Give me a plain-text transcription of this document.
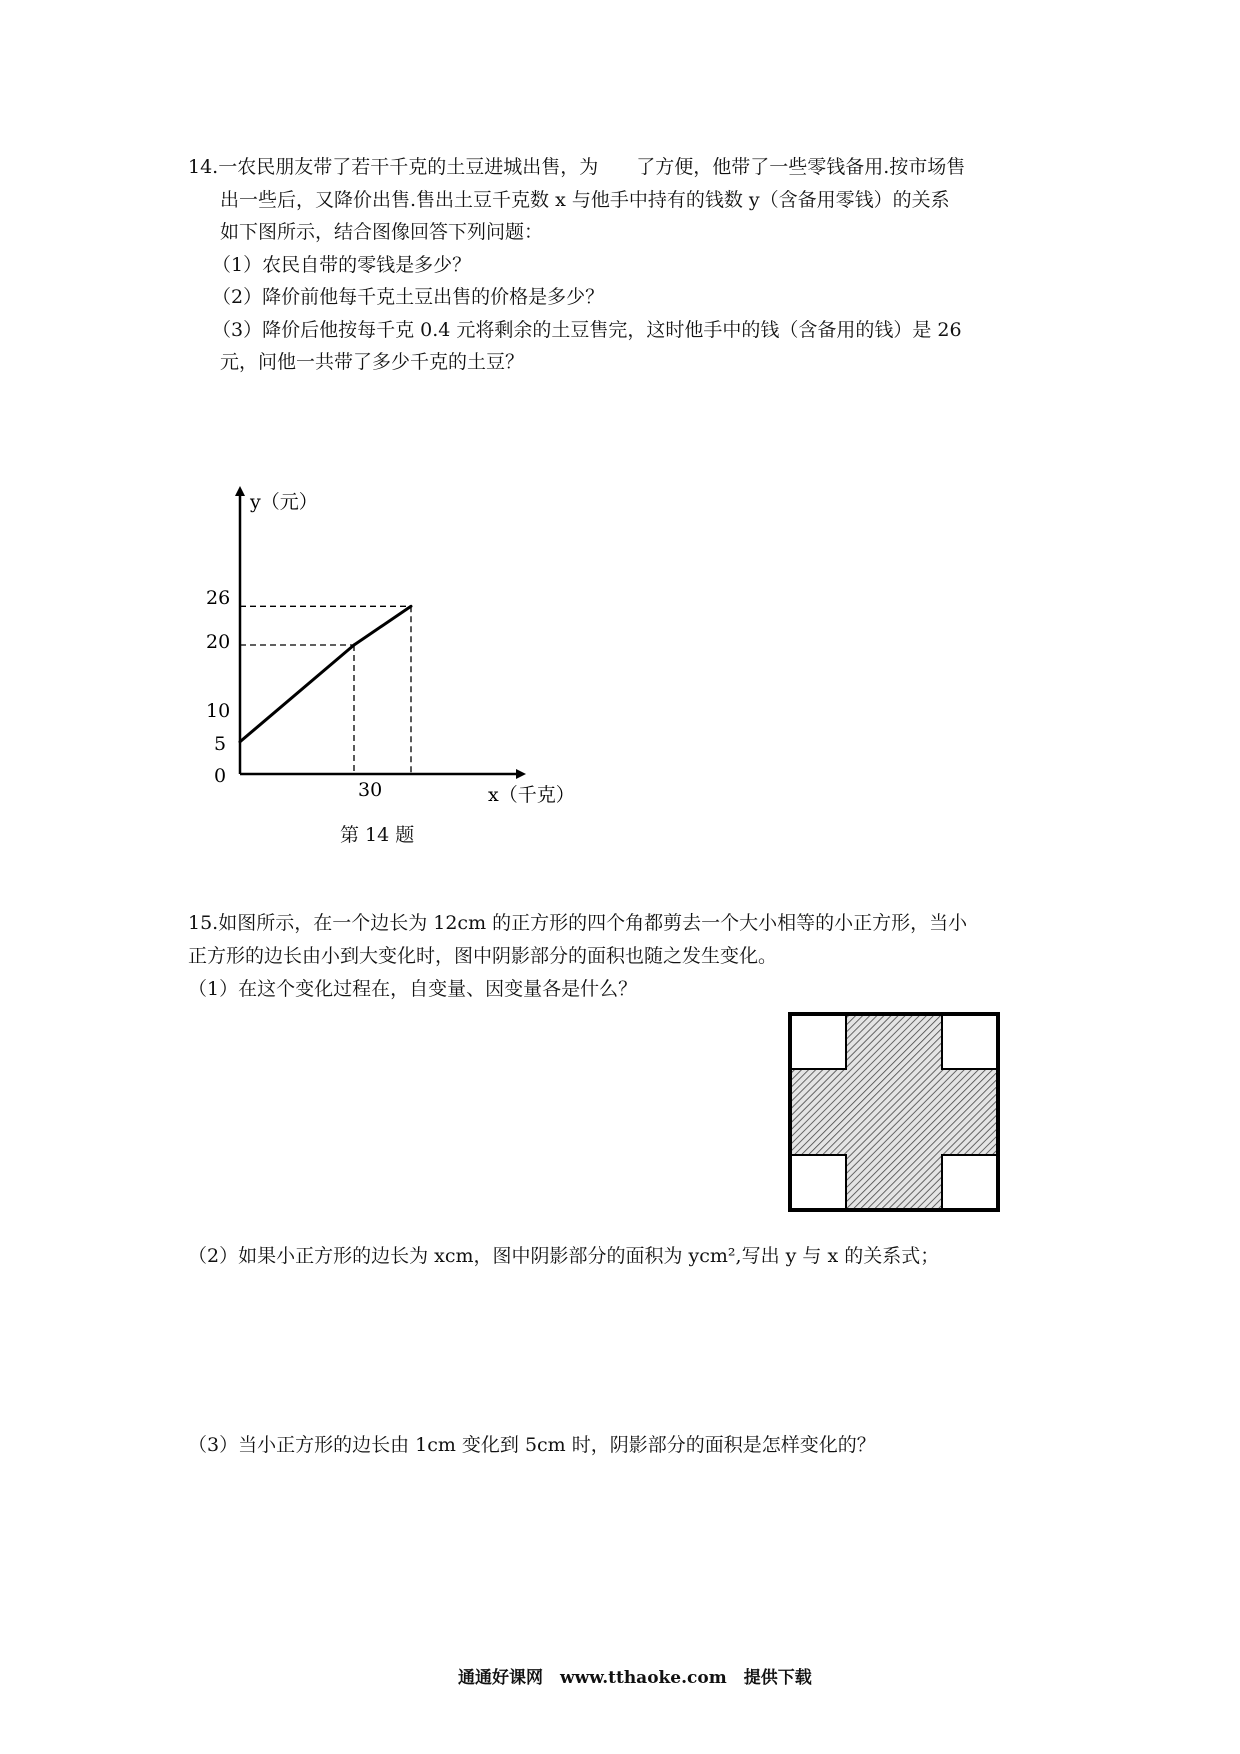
14.一农民朋友带了若干千克的土豆进城出售，为　　了方便，他带了一些零钱备用.按市场售
出一些后，又降价出售.售出土豆千克数 x 与他手中持有的钱数 y（含备用零钱）的关系
如下图所示，结合图像回答下列问题：
（1）农民自带的零钱是多少？
（2）降价前他每千克土豆出售的价格是多少？
（3）降价后他按每千克 0.4 元将剩余的土豆售完，这时他手中的钱（含备用的钱）是 26
元，问他一共带了多少千克的土豆？
y（元）
x（千克）
0
5
10
20
26
30
第 14 题
15.如图所示，在一个边长为 12cm 的正方形的四个角都剪去一个大小相等的小正方形，当小
正方形的边长由小到大变化时，图中阴影部分的面积也随之发生变化。
（1）在这个变化过程在，自变量、因变量各是什么？
（2）如果小正方形的边长为 xcm，图中阴影部分的面积为 ycm²,写出 y 与 x 的关系式；
（3）当小正方形的边长由 1cm 变化到 5cm 时，阴影部分的面积是怎样变化的？
通通好课网　www.tthaoke.com　提供下载
